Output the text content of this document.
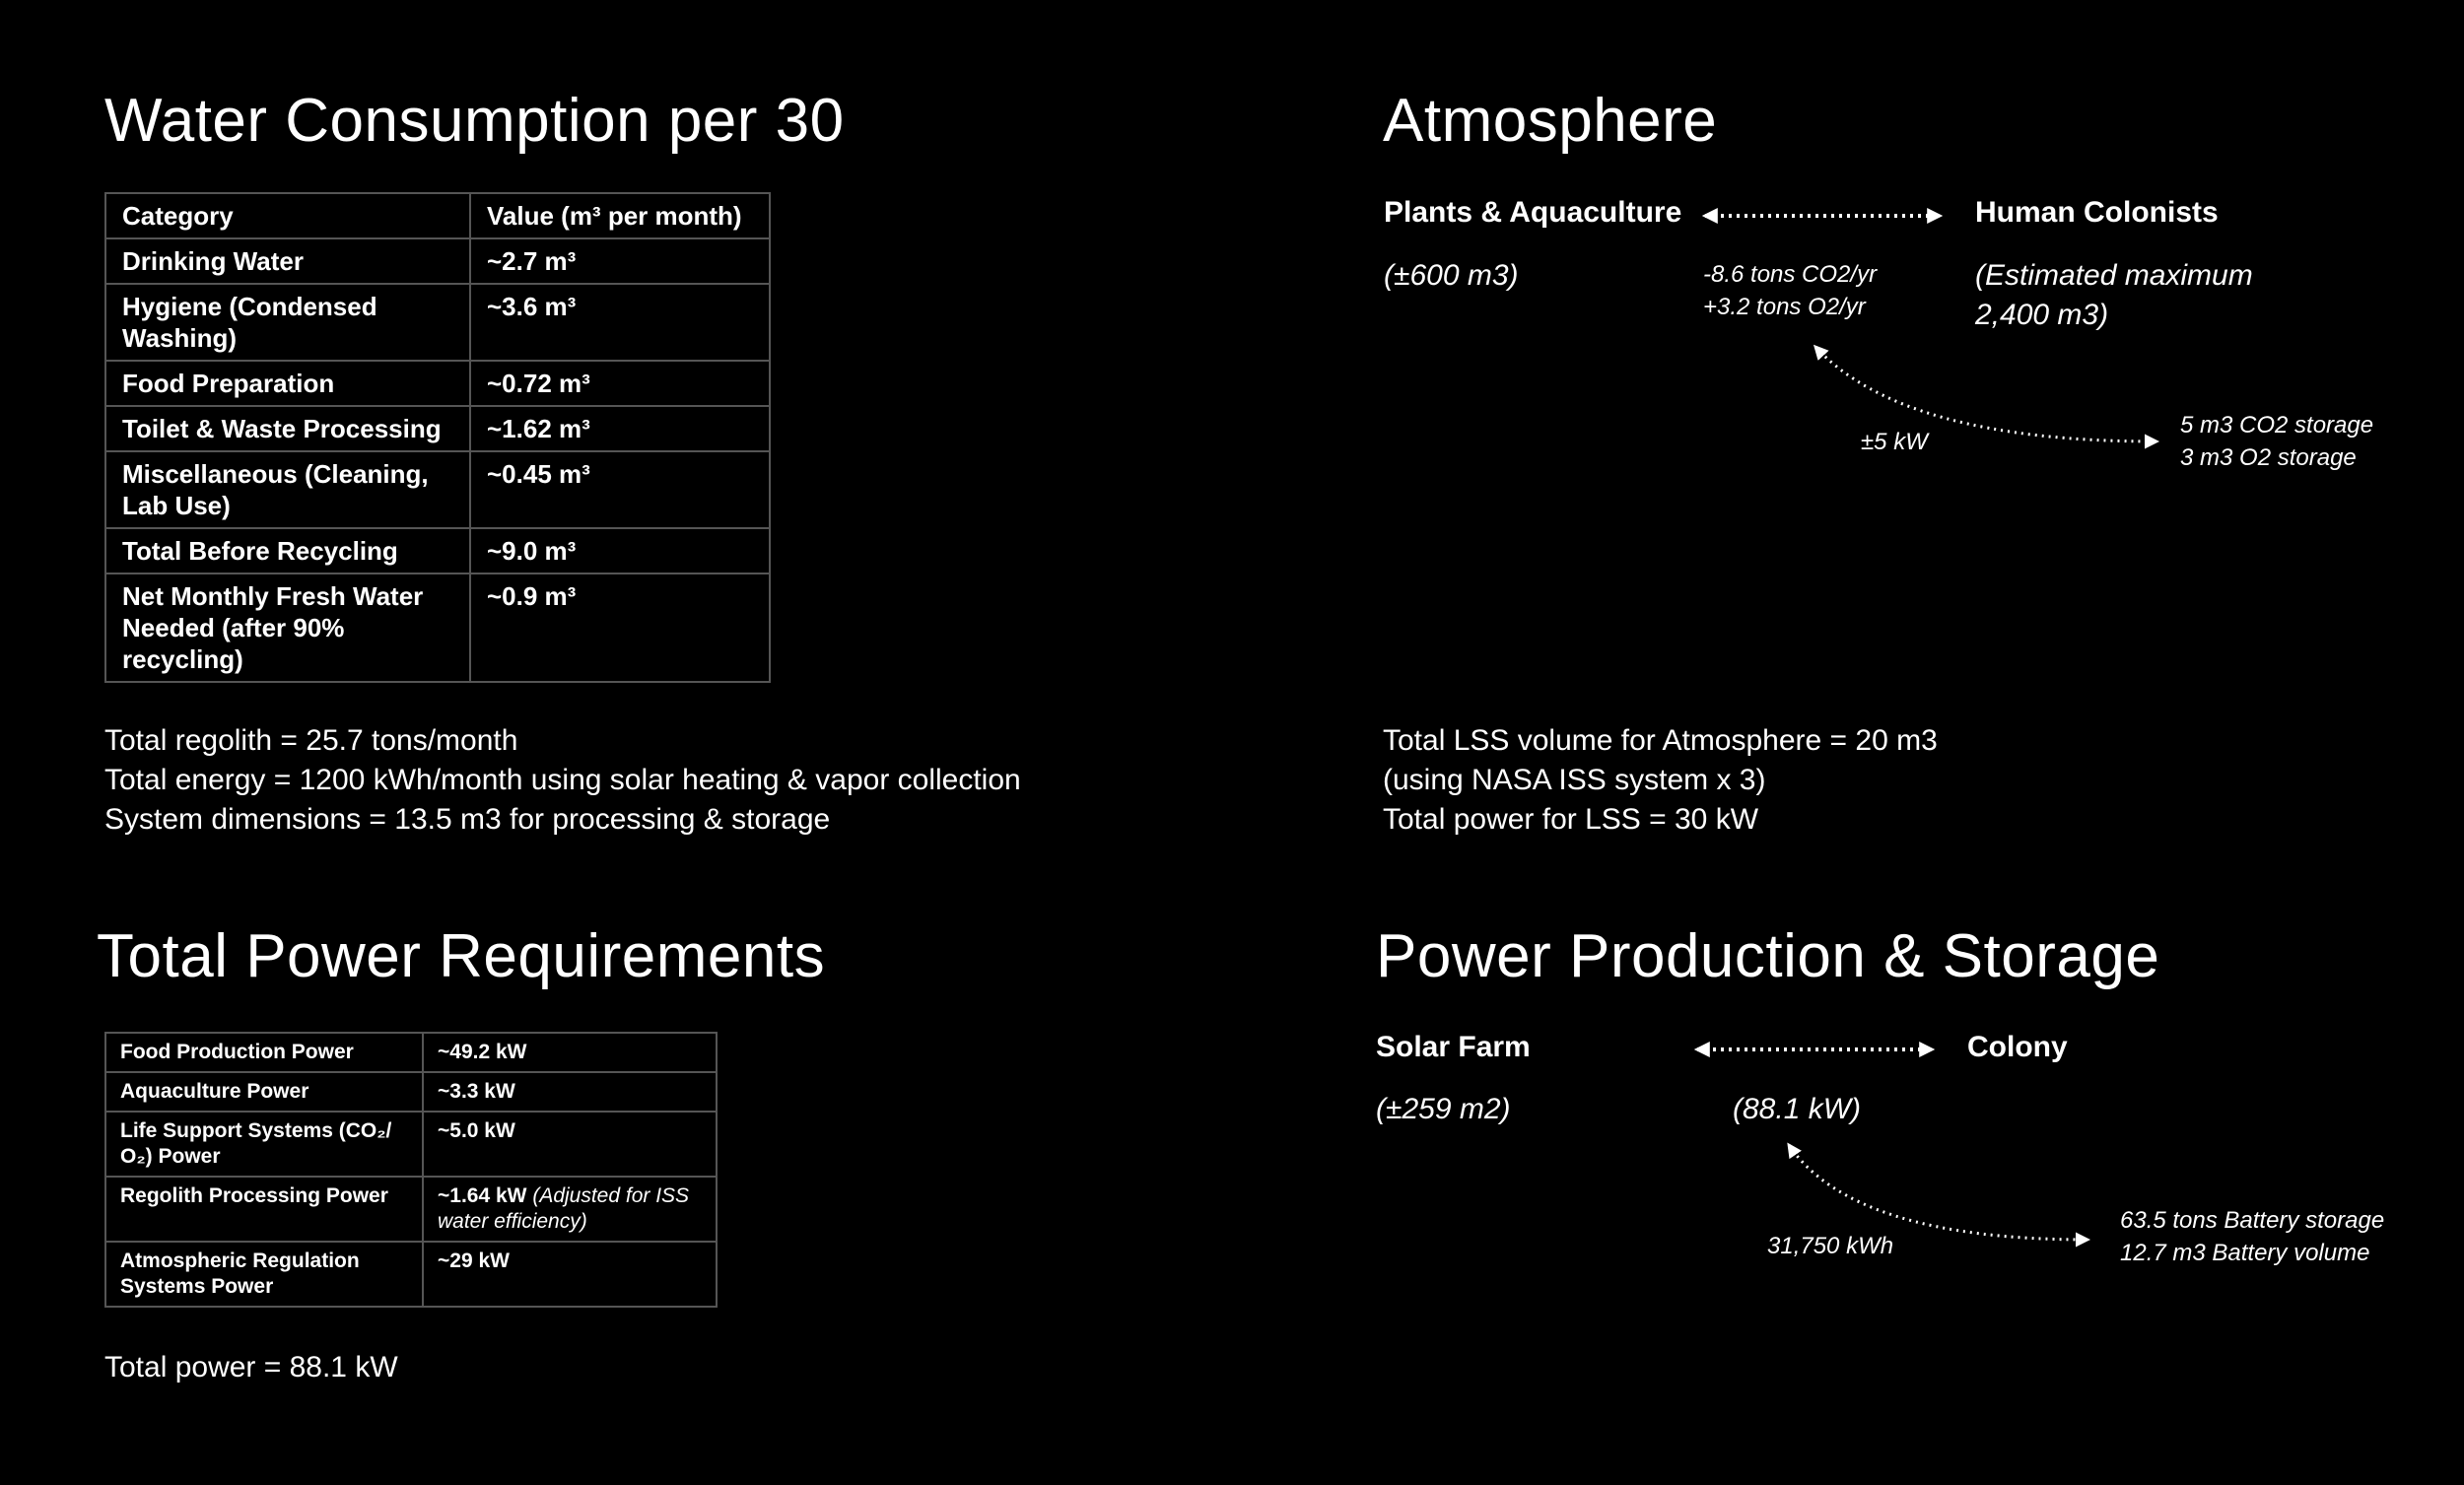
Water Consumption per 30
Category	Value (m³ per month)
Drinking Water	~2.7 m³
Hygiene (Condensed Washing)	~3.6 m³
Food Preparation	~0.72 m³
Toilet & Waste Processing	~1.62 m³
Miscellaneous (Cleaning, Lab Use)	~0.45 m³
Total Before Recycling	~9.0 m³
Net Monthly Fresh Water Needed (after 90% recycling)	~0.9 m³
Total regolith = 25.7 tons/month
Total energy = 1200 kWh/month using solar heating & vapor collection
System dimensions = 13.5 m3 for processing & storage
Atmosphere
Plants & Aquaculture
(±600 m3)
Human Colonists
(Estimated maximum
2,400 m3)
-8.6 tons CO2/yr
+3.2 tons O2/yr
±5 kW
5 m3 CO2 storage
3 m3 O2 storage
Total LSS volume for Atmosphere = 20 m3
(using NASA ISS system x 3)
Total power for LSS = 30 kW
Total Power Requirements
Food Production Power	~49.2 kW
Aquaculture Power	~3.3 kW
Life Support Systems (CO₂/ O₂) Power	~5.0 kW
Regolith Processing Power	~1.64 kW (Adjusted for ISS water efficiency)
Atmospheric Regulation Systems Power	~29 kW
Total power = 88.1 kW
Power Production & Storage
Solar Farm
(±259 m2)
Colony
(88.1 kW)
31,750 kWh
63.5 tons Battery storage
12.7 m3 Battery volume
